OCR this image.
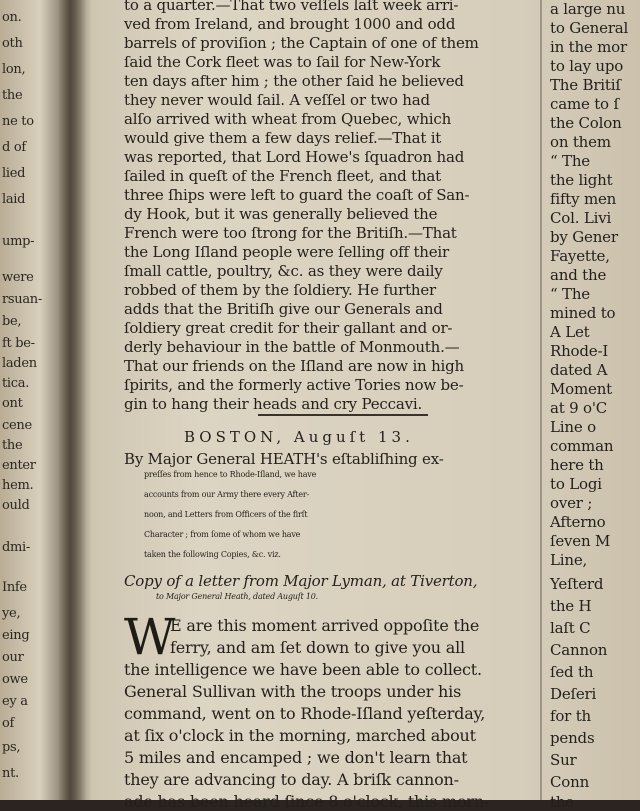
on.
oth
lon,
the
ne to
d of
lied
laid
ump-
were
rsuan-
be,
ft be-
laden
tica.
ont
cene
the
enter
hem.
ould
dmi-
Infe
ye,
eing
our
owe
ey a
of
ps,
nt.
to a quarter.—That two veſſels laſt week arri-
ved from Ireland, and brought 1000 and odd
barrels of proviſion ; the Captain of one of them
ſaid the Cork fleet was to ſail for New-York
ten days after him ; the other ſaid he believed
they never would ſail. A veſſel or two had
alſo arrived with wheat from Quebec, which
would give them a few days relief.—That it
was reported, that Lord Howe's ſquadron had
ſailed in queſt of the French fleet, and that
three ſhips were left to guard the coaſt of San-
dy Hook, but it was generally believed the
French were too ſtrong for the Britiſh.—That
the Long Iſland people were ſelling off their
ſmall cattle, poultry, &c. as they were daily
robbed of them by the ſoldiery. He further
adds that the Britiſh give our Generals and
ſoldiery great credit for their gallant and or-
derly behaviour in the battle of Monmouth.—
That our friends on the Iſland are now in high
ſpirits, and the formerly active Tories now be-
gin to hang their heads and cry Peccavi.
BOSTON, Auguſt 13.
By Major General HEATH's eſtabliſhing ex-
preſſes from hence to Rhode-Iſland, we have
accounts from our Army there every After-
noon, and Letters from Officers of the firſt
Character ; from ſome of whom we have
taken the following Copies, &c. viz.
Copy of a letter from Major Lyman, at Tiverton,
to Major General Heath, dated Auguſt 10.
W
E are this moment arrived oppoſite the
ferry, and am ſet down to give you all
the intelligence we have been able to collect.
General Sullivan with the troops under his
command, went on to Rhode-Iſland yeſterday,
at ſix o'clock in the morning, marched about
5 miles and encamped ; we don't learn that
they are advancing to day. A briſk cannon-
ade has been heard ſince 8 o'clock, this morn-
a large nu
to General
in the mor
to lay upo
The Britiſ
came to ſ
the Colon
on them
“ The
the light
fifty men
Col. Livi
by Gener
Fayette,
and the
“ The
mined to
A Let
Rhode-I
dated A
Moment
at 9 o'C
Line o
comman
here th
to Logi
over ;
Afterno
ſeven M
Line,
Yeſterd
the H
laſt C
Cannon
ſed th
Deſeri
for th
pends
Sur
Conn
the
